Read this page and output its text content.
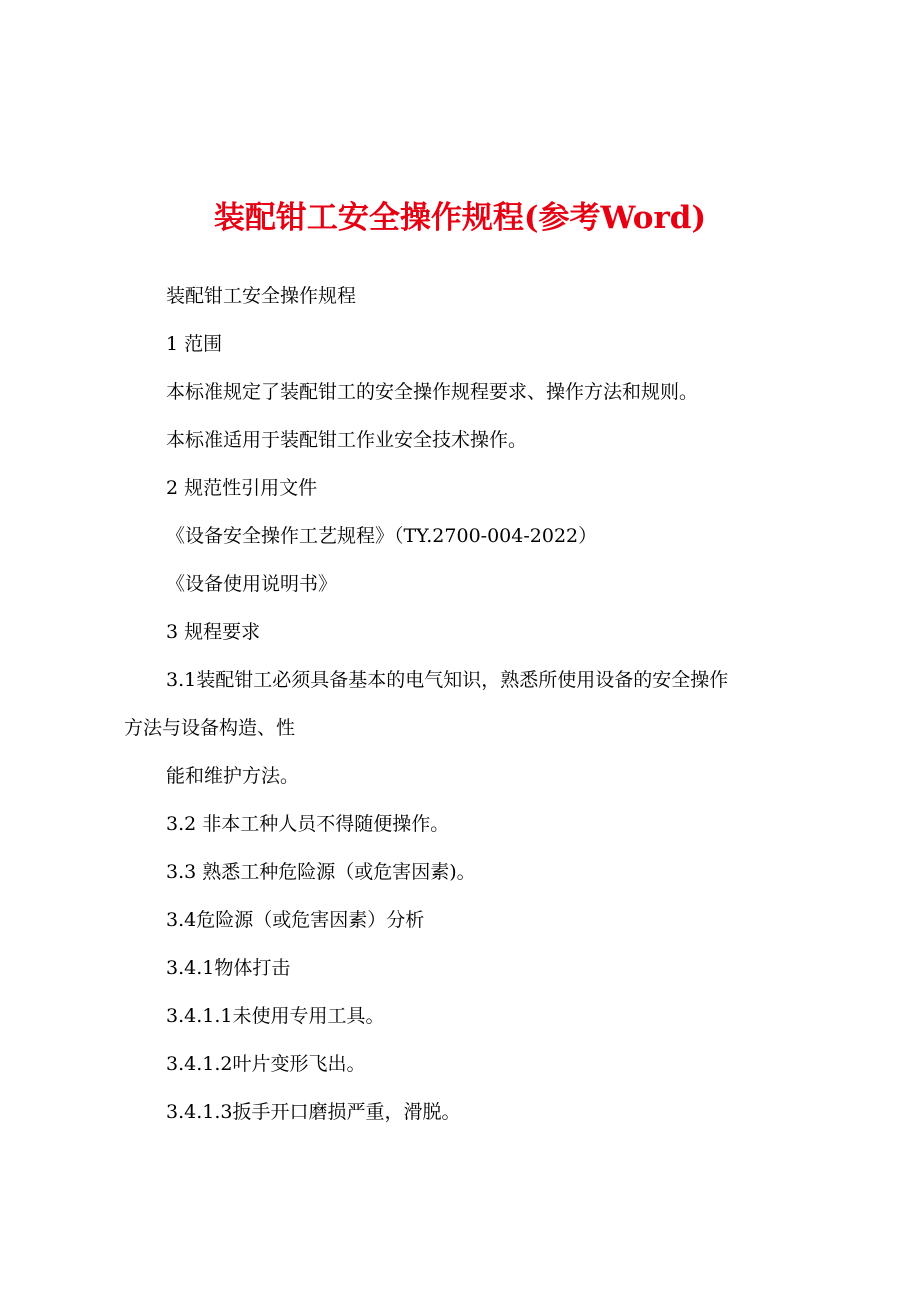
装配钳工安全操作规程(参考Word)
装配钳工安全操作规程
1 范围
本标准规定了装配钳工的安全操作规程要求、操作方法和规则。
本标准适用于装配钳工作业安全技术操作。
2 规范性引用文件
《设备安全操作工艺规程》（TY.2700-004-2022）
《设备使用说明书》
3 规程要求
3.1装配钳工必须具备基本的电气知识，熟悉所使用设备的安全操作
方法与设备构造、性
能和维护方法。
3.2 非本工种人员不得随便操作。
3.3 熟悉工种危险源（或危害因素)。
3.4危险源（或危害因素）分析
3.4.1物体打击
3.4.1.1未使用专用工具。
3.4.1.2叶片变形飞出。
3.4.1.3扳手开口磨损严重，滑脱。
